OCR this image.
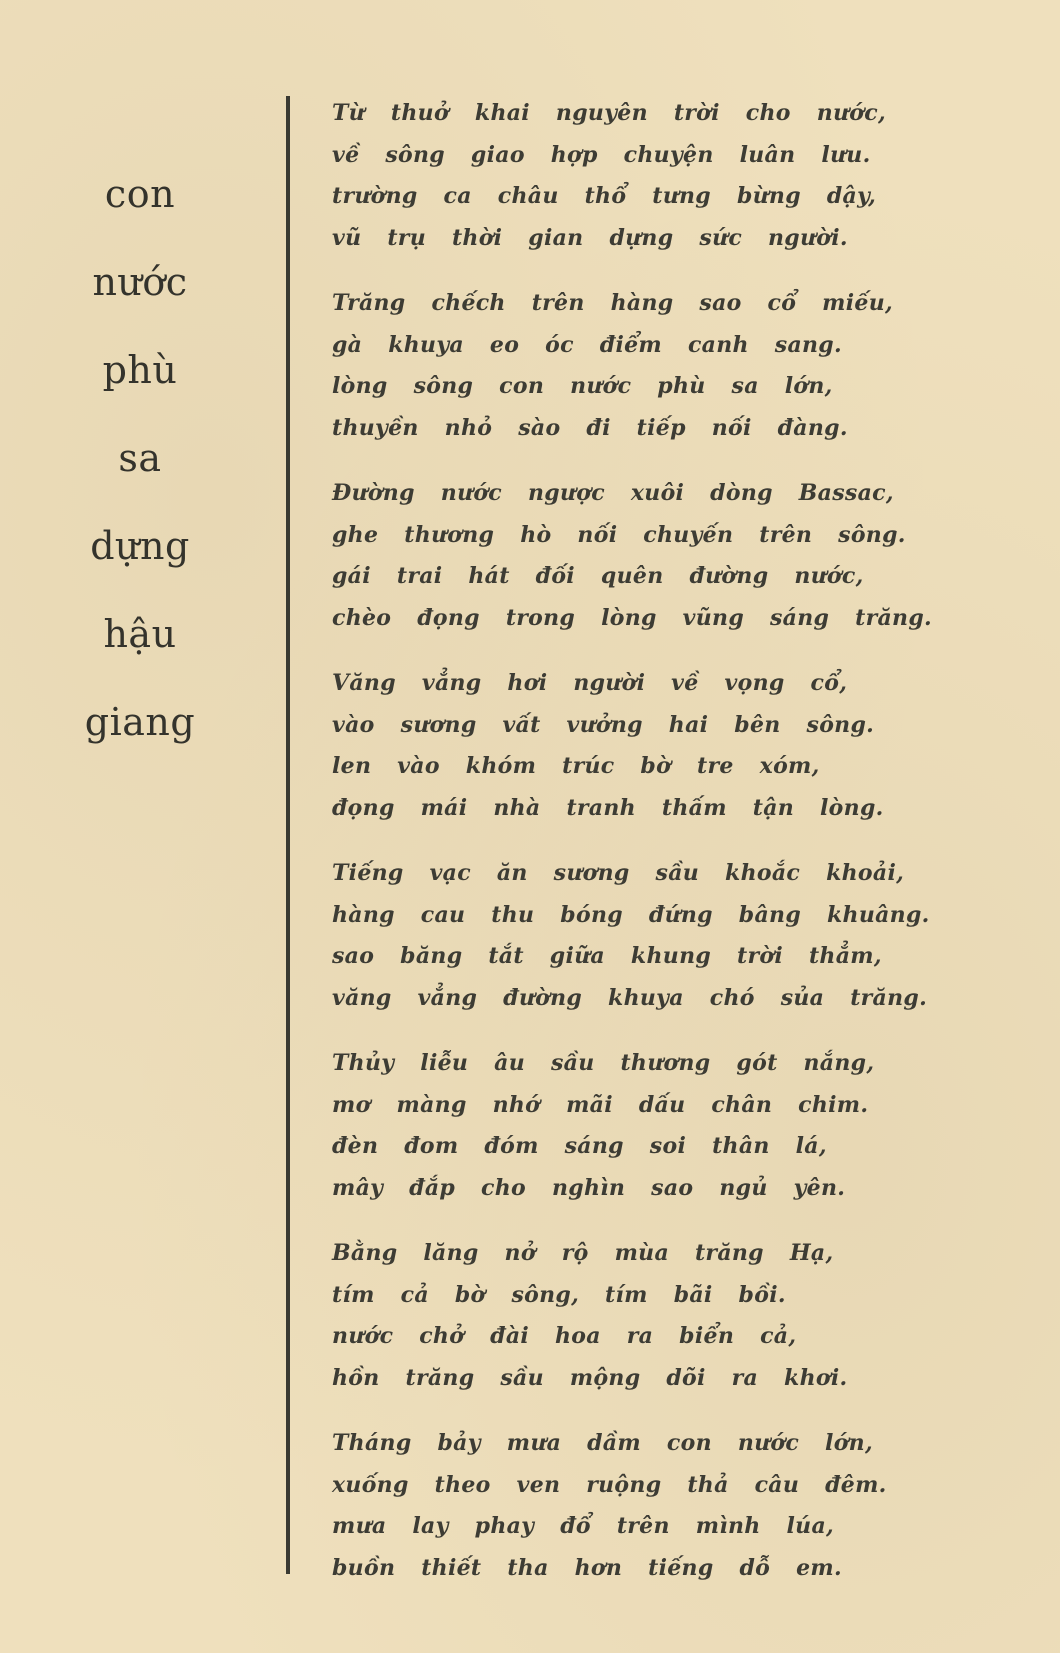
con
nước
phù
sa
dựng
hậu
giang
Từ thuở khai nguyên trời cho nước,
về sông giao hợp chuyện luân lưu.
trường ca châu thổ tưng bừng dậy,
vũ trụ thời gian dựng sức người.
Trăng chếch trên hàng sao cổ miếu,
gà khuya eo óc điểm canh sang.
lòng sông con nước phù sa lớn,
thuyền nhỏ sào đi tiếp nối đàng.
Đường nước ngược xuôi dòng Bassac,
ghe thương hò nối chuyến trên sông.
gái trai hát đối quên đường nước,
chèo đọng trong lòng vũng sáng trăng.
Văng vẳng hơi người về vọng cổ,
vào sương vất vưởng hai bên sông.
len vào khóm trúc bờ tre xóm,
đọng mái nhà tranh thấm tận lòng.
Tiếng vạc ăn sương sầu khoắc khoải,
hàng cau thu bóng đứng bâng khuâng.
sao băng tắt giữa khung trời thẳm,
văng vẳng đường khuya chó sủa trăng.
Thủy liễu âu sầu thương gót nắng,
mơ màng nhớ mãi dấu chân chim.
đèn đom đóm sáng soi thân lá,
mây đắp cho nghìn sao ngủ yên.
Bằng lăng nở rộ mùa trăng Hạ,
tím cả bờ sông, tím bãi bồi.
nước chở đài hoa ra biển cả,
hồn trăng sầu mộng dõi ra khơi.
Tháng bảy mưa dầm con nước lớn,
xuống theo ven ruộng thả câu đêm.
mưa lay phay đổ trên mình lúa,
buồn thiết tha hơn tiếng dỗ em.
